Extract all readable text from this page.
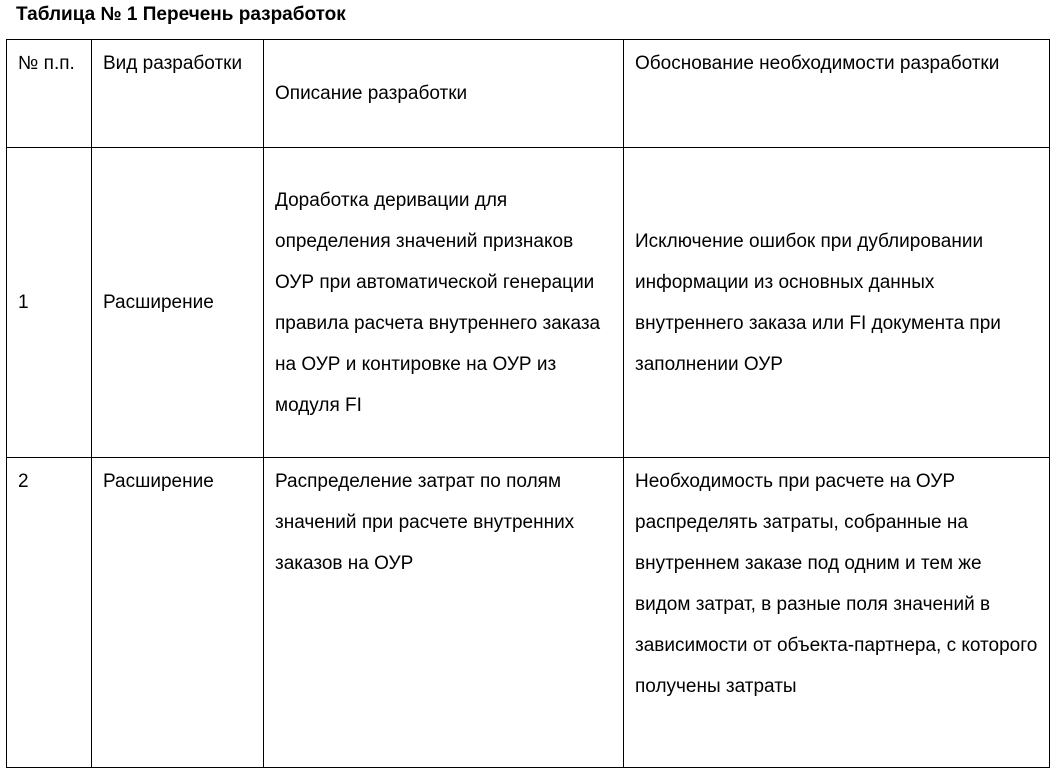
Таблица № 1 Перечень разработок
№ п.п.	Вид разработки	Описание разработки	Обоснование необходимости разработки
1	Расширение	Доработка деривации для определения значений признаков ОУР при автоматической генерации правила расчета внутреннего заказа на ОУР и контировке на ОУР из модуля FI	Исключение ошибок при дублировании информации из основных данных внутреннего заказа или FI документа при заполнении ОУР
2	Расширение	Распределение затрат по полям значений при расчете внутренних заказов на ОУР	Необходимость при расчете на ОУР распределять затраты, собранные на внутреннем заказе под одним и тем же видом затрат, в разные поля значений в зависимости от объекта-партнера, с которого получены затраты
